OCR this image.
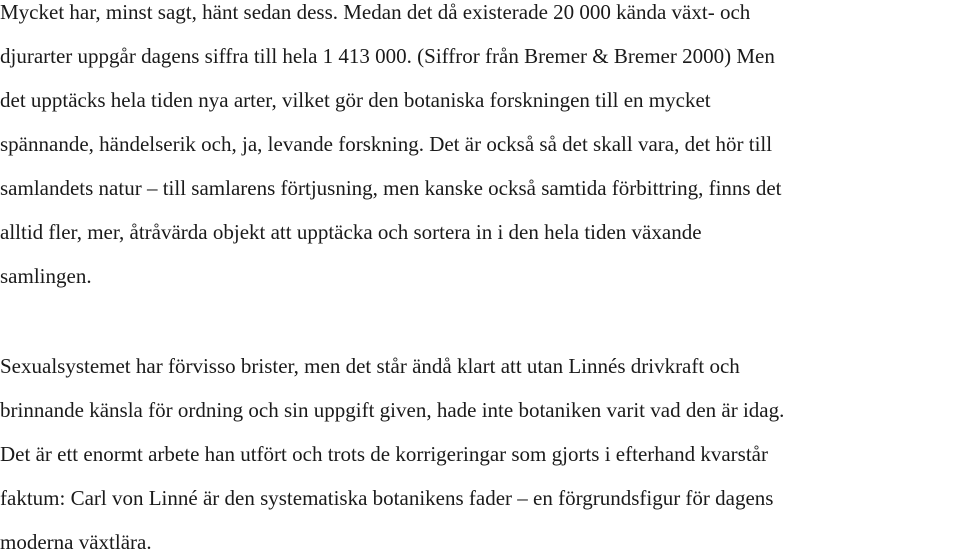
Mycket har, minst sagt, hänt sedan dess. Medan det då existerade 20 000 kända växt- och
djurarter uppgår dagens siffra till hela 1 413 000. (Siffror från Bremer & Bremer 2000) Men
det upptäcks hela tiden nya arter, vilket gör den botaniska forskningen till en mycket
spännande, händelserik och, ja, levande forskning. Det är också så det skall vara, det hör till
samlandets natur – till samlarens förtjusning, men kanske också samtida förbittring, finns det
alltid fler, mer, åtråvärda objekt att upptäcka och sortera in i den hela tiden växande
samlingen.
Sexualsystemet har förvisso brister, men det står ändå klart att utan Linnés drivkraft och
brinnande känsla för ordning och sin uppgift given, hade inte botaniken varit vad den är idag.
Det är ett enormt arbete han utfört och trots de korrigeringar som gjorts i efterhand kvarstår
faktum: Carl von Linné är den systematiska botanikens fader – en förgrundsfigur för dagens
moderna växtlära.
